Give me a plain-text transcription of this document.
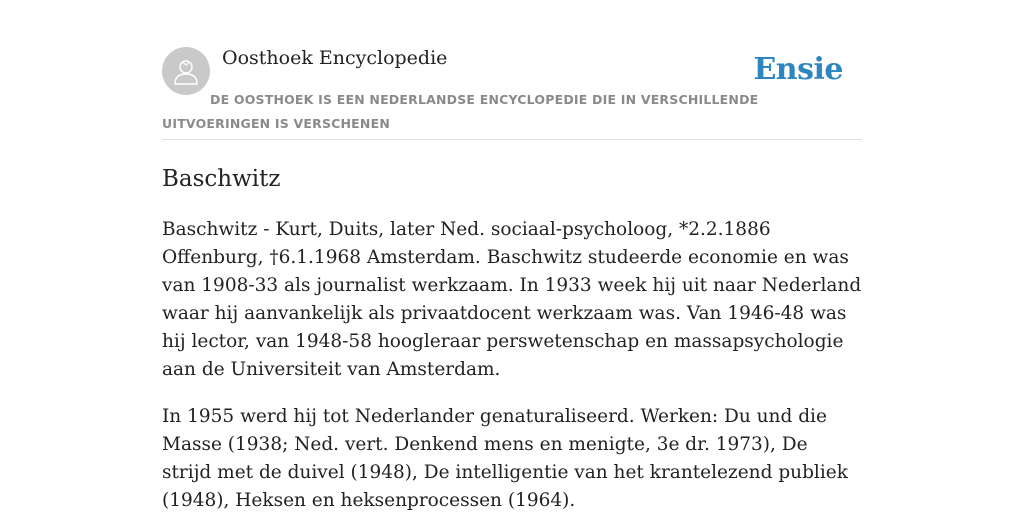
Oosthoek Encyclopedie	Ensie
DE OOSTHOEK IS EEN NEDERLANDSE ENCYCLOPEDIE DIE IN VERSCHILLENDE UITVOERINGEN IS VERSCHENEN
Baschwitz

Baschwitz - Kurt, Duits, later Ned. sociaal-psycholoog, *2.2.1886 Offenburg, †6.1.1968 Amsterdam. Baschwitz studeerde economie en was van 1908-33 als journalist werkzaam. In 1933 week hij uit naar Nederland waar hij aanvankelijk als privaatdocent werkzaam was. Van 1946-48 was hij lector, van 1948-58 hoogleraar perswetenschap en massapsychologie aan de Universiteit van Amsterdam.

In 1955 werd hij tot Nederlander genaturaliseerd. Werken: Du und die Masse (1938; Ned. vert. Denkend mens en menigte, 3e dr. 1973), De strijd met de duivel (1948), De intelligentie van het krantelezend publiek (1948), Heksen en heksenprocessen (1964).
